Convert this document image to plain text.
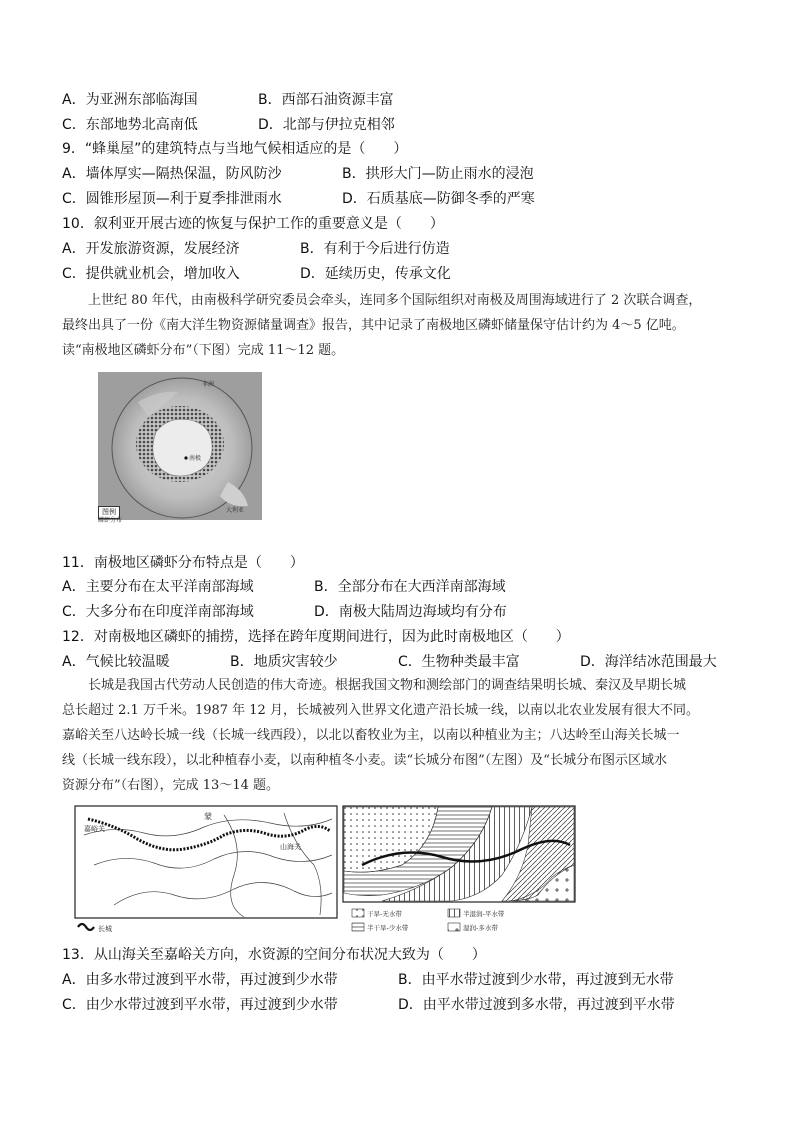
A．为亚洲东部临海国	B．西部石油资源丰富
C．东部地势北高南低	D．北部与伊拉克相邻
9．“蜂巢屋”的建筑特点与当地气候相适应的是（　　）
A．墙体厚实—隔热保温，防风防沙	B．拱形大门—防止雨水的浸泡
C．圆锥形屋顶—利于夏季排泄雨水	D．石质基底—防御冬季的严寒
10．叙利亚开展古迹的恢复与保护工作的重要意义是（　　）
A．开发旅游资源，发展经济	B．有利于今后进行仿造
C．提供就业机会，增加收入	D．延续历史，传承文化

　　上世纪 80 年代，由南极科学研究委员会牵头，连同多个国际组织对南极及周围海域进行了 2 次联合调查，

最终出具了一份《南大洋生物资源储量调查》报告，其中记录了南极地区磷虾储量保守估计约为 4～5 亿吨。

读“南极地区磷虾分布”（下图）完成 11～12 题。

非洲
南极
大利亚
图例
磷虾分布
11．南极地区磷虾分布特点是（　　）
A．主要分布在太平洋南部海域	B．全部分布在大西洋南部海域
C．大多分布在印度洋南部海域	D．南极大陆周边海域均有分布
12．对南极地区磷虾的捕捞，选择在跨年度期间进行，因为此时南极地区（　　）
A．气候比较温暖	B．地质灾害较少	C．生物种类最丰富	D．海洋结冰范围最大

　　长城是我国古代劳动人民创造的伟大奇迹。根据我国文物和测绘部门的调查结果明长城、秦汉及早期长城

总长超过 2.1 万千米。1987 年 12 月，长城被列入世界文化遗产沿长城一线，以南以北农业发展有很大不同。

嘉峪关至八达岭长城一线（长城一线西段），以北以畜牧业为主，以南以种植业为主；八达岭至山海关长城一

线（长城一线东段），以北种植春小麦，以南种植冬小麦。读“长城分布图”（左图）及“长城分布图示区域水

资源分布”（右图），完成 13～14 题。

嘉峪关
蒙
山海关
长城
干旱-无水带
半干旱-少水带
半湿润-平水带
湿润-多水带
13．从山海关至嘉峪关方向，水资源的空间分布状况大致为（　　）
A．由多水带过渡到平水带，再过渡到少水带	B．由平水带过渡到少水带，再过渡到无水带
C．由少水带过渡到平水带，再过渡到少水带	D．由平水带过渡到多水带，再过渡到平水带
